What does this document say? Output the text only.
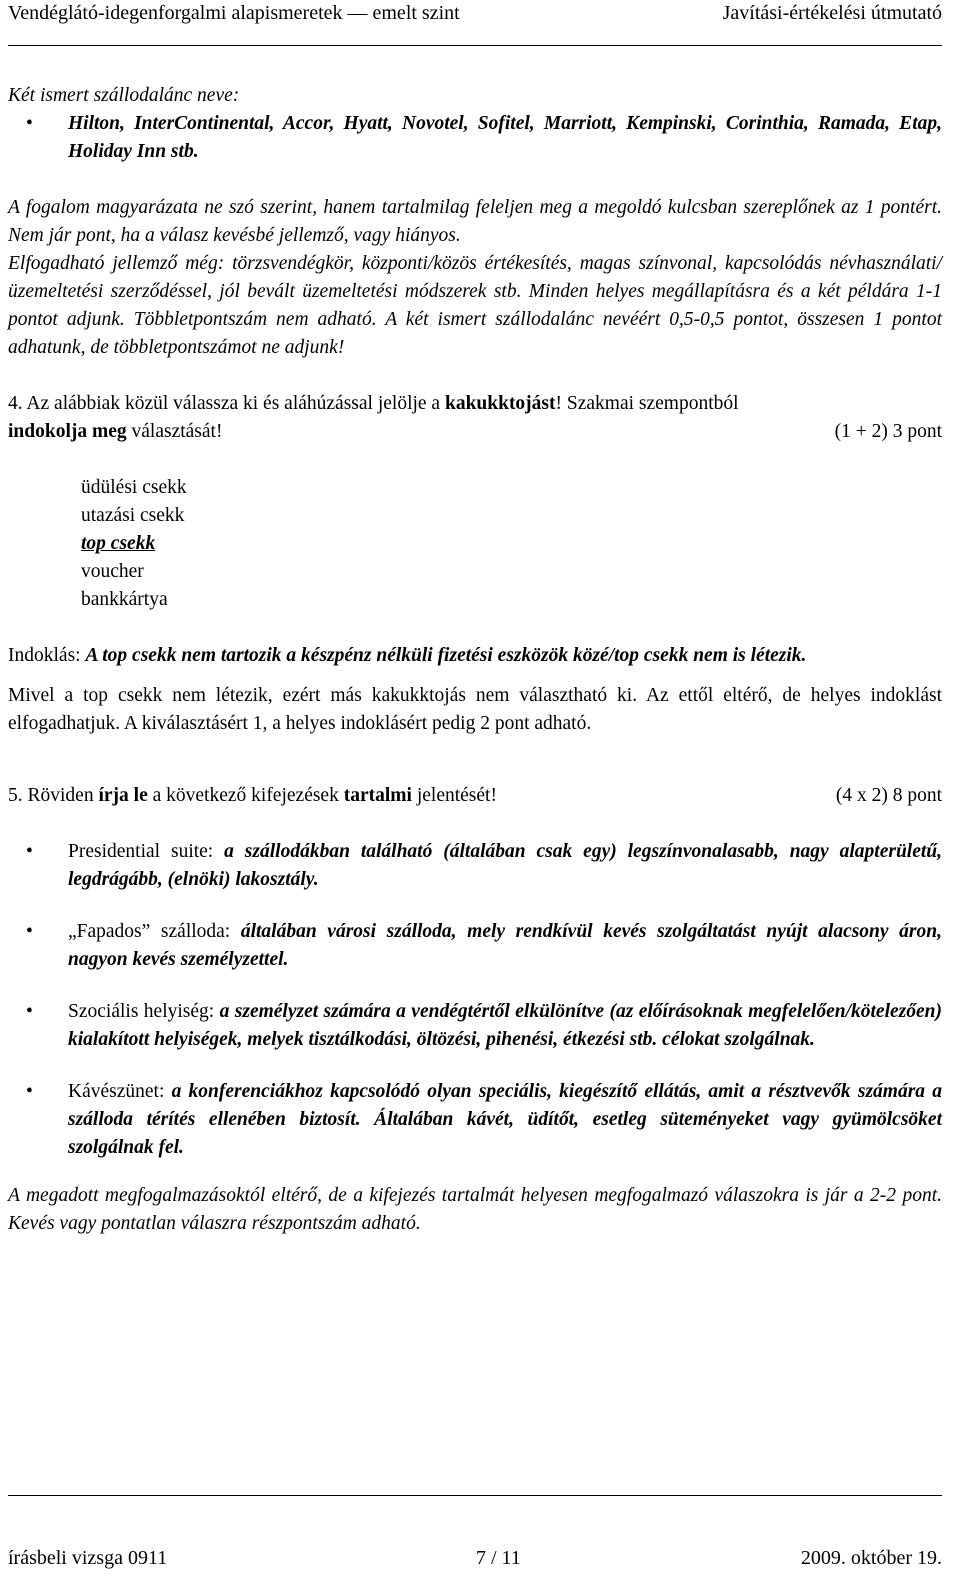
Vendéglátó-idegenforgalmi alapismeretek — emelt szint	Javítási-értékelési útmutató

Két ismert szállodalánc neve:

• Hilton, InterContinental, Accor, Hyatt, Novotel, Sofitel, Marriott, Kempinski, Corinthia, Ramada, Etap, Holiday Inn stb.

A fogalom magyarázata ne szó szerint, hanem tartalmilag feleljen meg a megoldó kulcsban szereplőnek az 1 pontért. Nem jár pont, ha a válasz kevésbé jellemző, vagy hiányos.

Elfogadható jellemző még: törzsvendégkör, központi/közös értékesítés, magas színvonal, kapcsolódás névhasználati/üzemeltetési szerződéssel, jól bevált üzemeltetési módszerek stb. Minden helyes megállapításra és a két példára 1-1 pontot adjunk. Többletpontszám nem adható. A két ismert szállodalánc nevéért 0,5-0,5 pontot, összesen 1 pontot adhatunk, de többletpontszámot ne adjunk!

4. Az alábbiak közül válassza ki és aláhúzással jelölje a kakukktojást! Szakmai szempontból

indokolja meg választását!	(1 + 2) 3 pont
üdülési csekk
utazási csekk
top csekk
voucher
bankkártya

Indoklás: A top csekk nem tartozik a készpénz nélküli fizetési eszközök közé/top csekk nem is létezik.

Mivel a top csekk nem létezik, ezért más kakukktojás nem választható ki. Az ettől eltérő, de helyes indoklást elfogadhatjuk. A kiválasztásért 1, a helyes indoklásért pedig 2 pont adható.

5. Röviden írja le a következő kifejezések tartalmi jelentését!	(4 x 2) 8 pont
• Presidential suite: a szállodákban található (általában csak egy) legszínvonalasabb, nagy alapterületű, legdrágább, (elnöki) lakosztály.

• „Fapados” szálloda: általában városi szálloda, mely rendkívül kevés szolgáltatást nyújt alacsony áron, nagyon kevés személyzettel.

• Szociális helyiség: a személyzet számára a vendégtértől elkülönítve (az előírásoknak megfelelően/kötelezően) kialakított helyiségek, melyek tisztálkodási, öltözési, pihenési, étkezési stb. célokat szolgálnak.

• Kávészünet: a konferenciákhoz kapcsolódó olyan speciális, kiegészítő ellátás, amit a résztvevők számára a szálloda térítés ellenében biztosít. Általában kávét, üdítőt, esetleg süteményeket vagy gyümölcsöket szolgálnak fel.

A megadott megfogalmazásoktól eltérő, de a kifejezés tartalmát helyesen megfogalmazó válaszokra is jár a 2-2 pont. Kevés vagy pontatlan válaszra részpontszám adható.

írásbeli vizsga 0911	7 / 11	2009. október 19.
